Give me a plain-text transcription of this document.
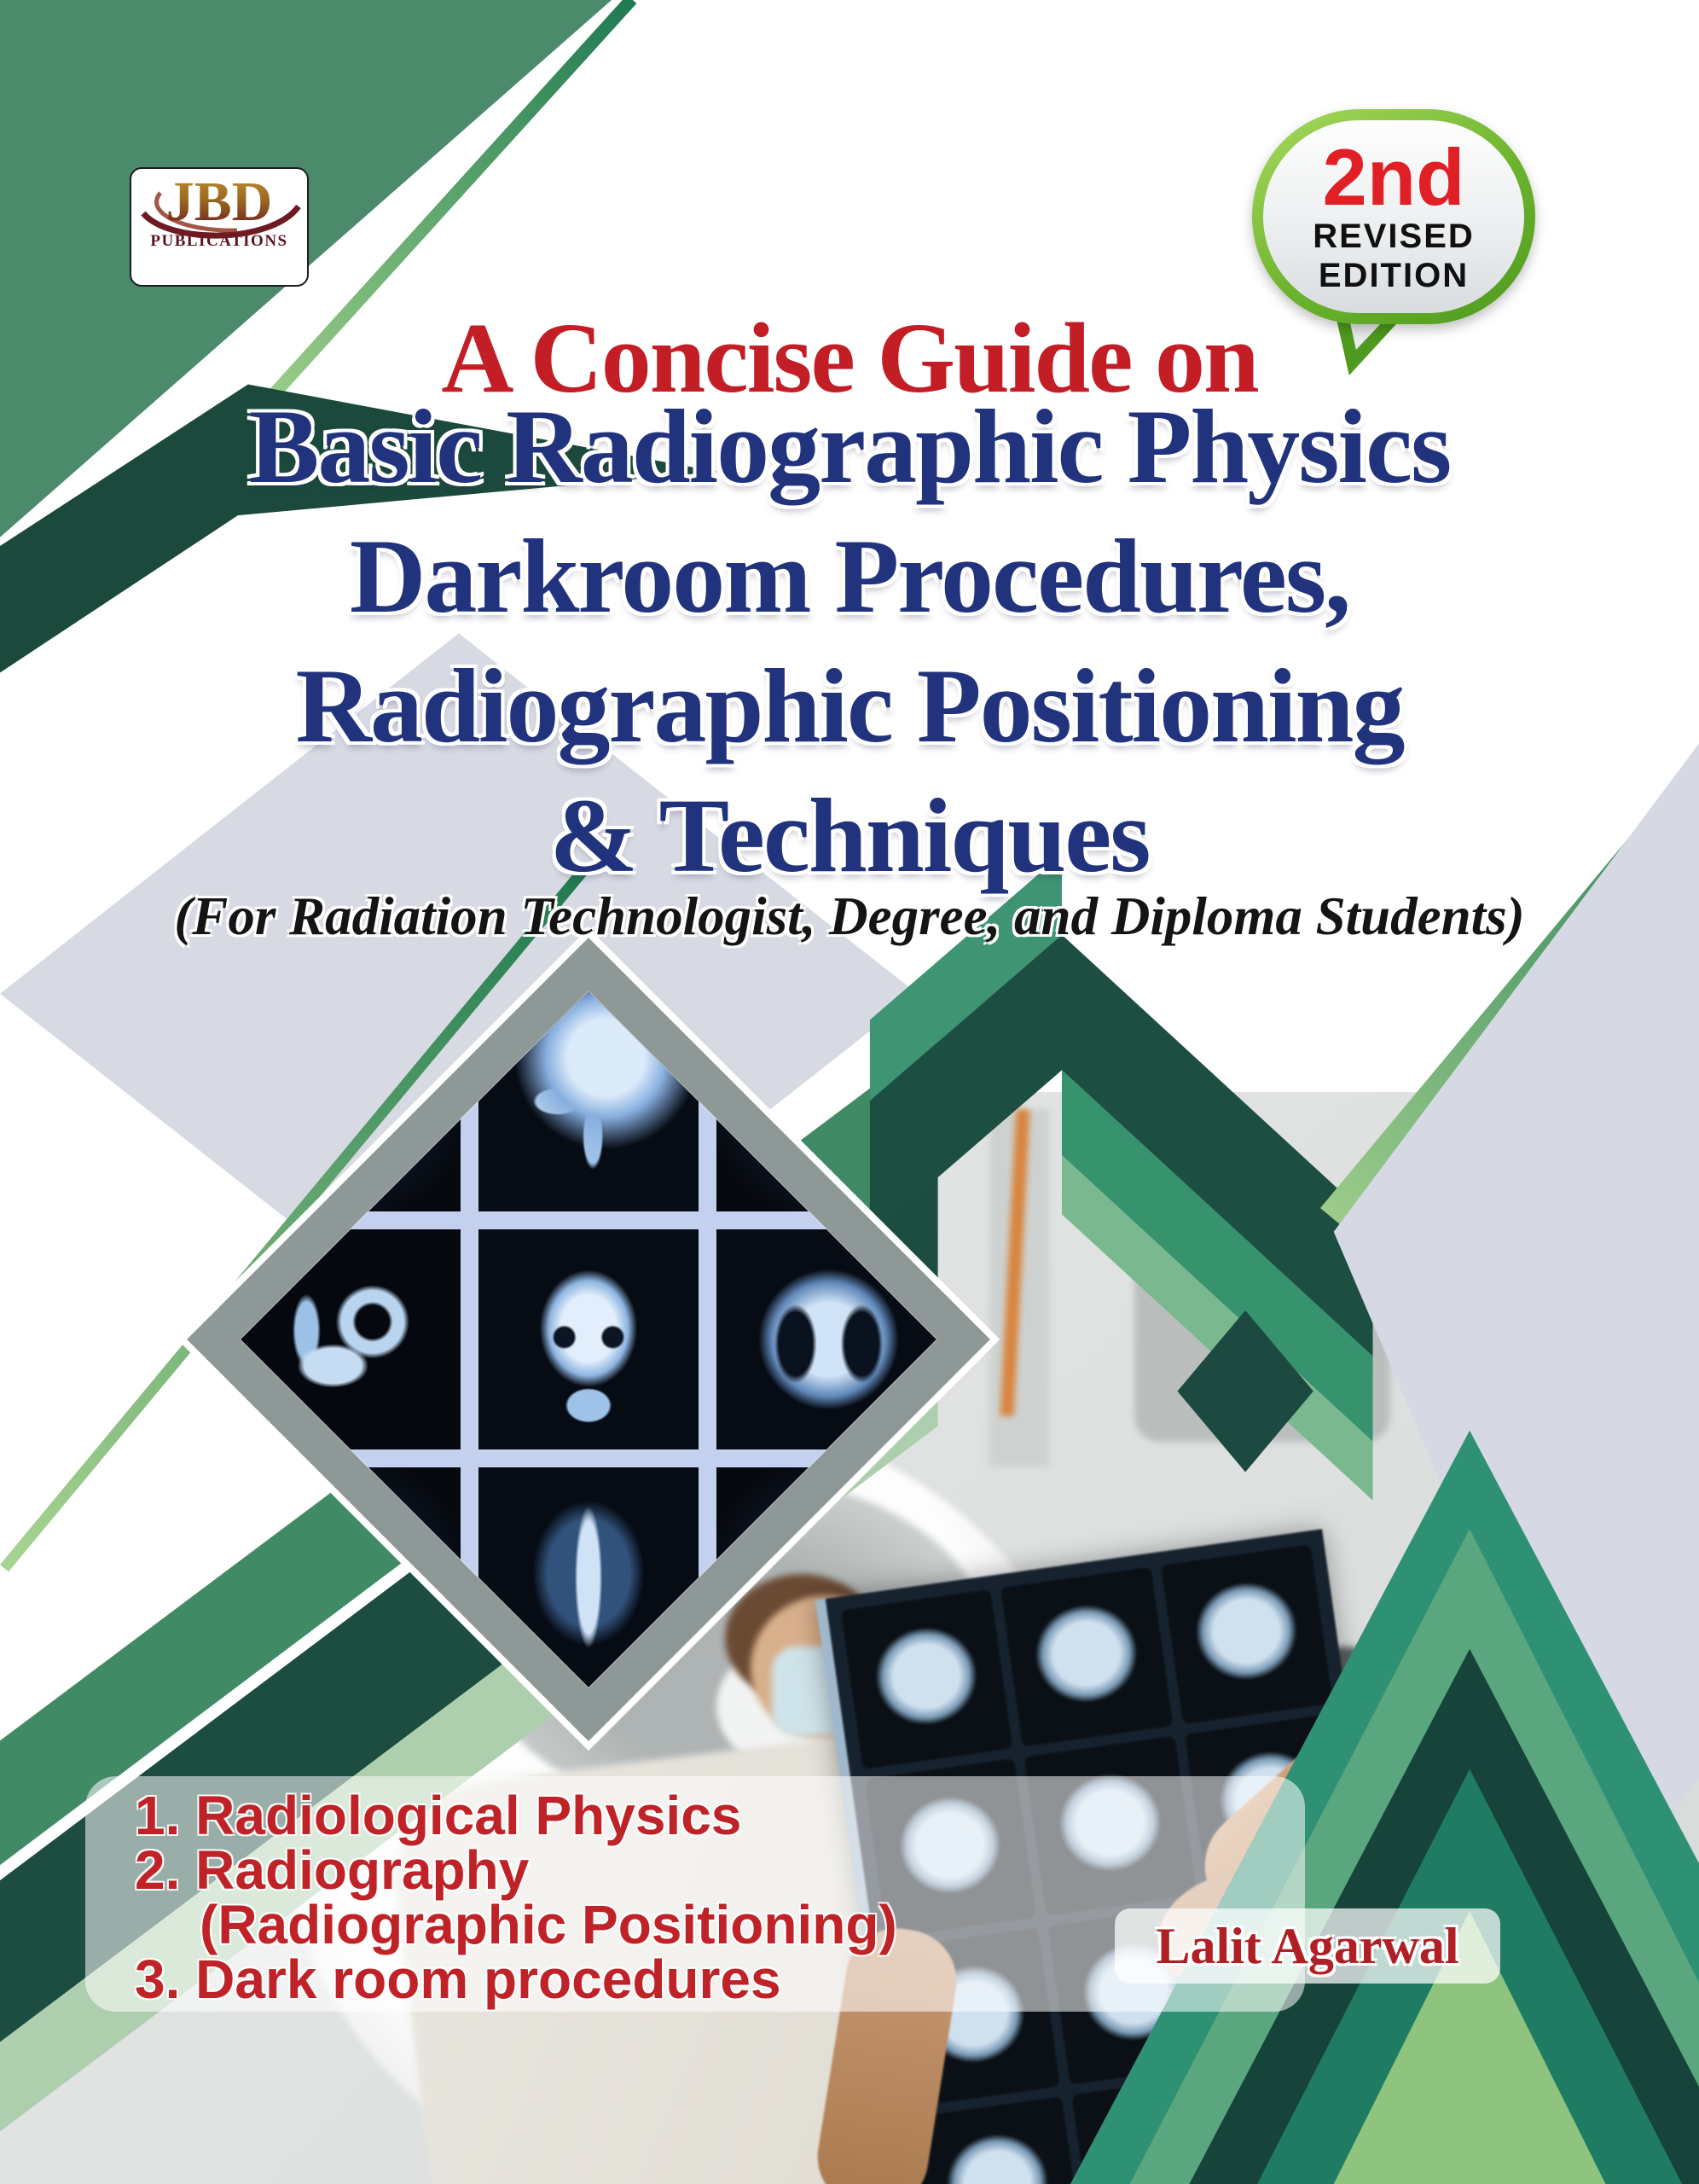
A Concise Guide on
Basic Radiographic Physics
Darkroom Procedures,
Radiographic Positioning
& Techniques
(For Radiation Technologist, Degree, and Diploma Students)
JBD
PUBLICATIONS
2nd
REVISED
EDITION
1. Radiological Physics
2. Radiography
(Radiographic Positioning)
3. Dark room procedures
Lalit Agarwal
